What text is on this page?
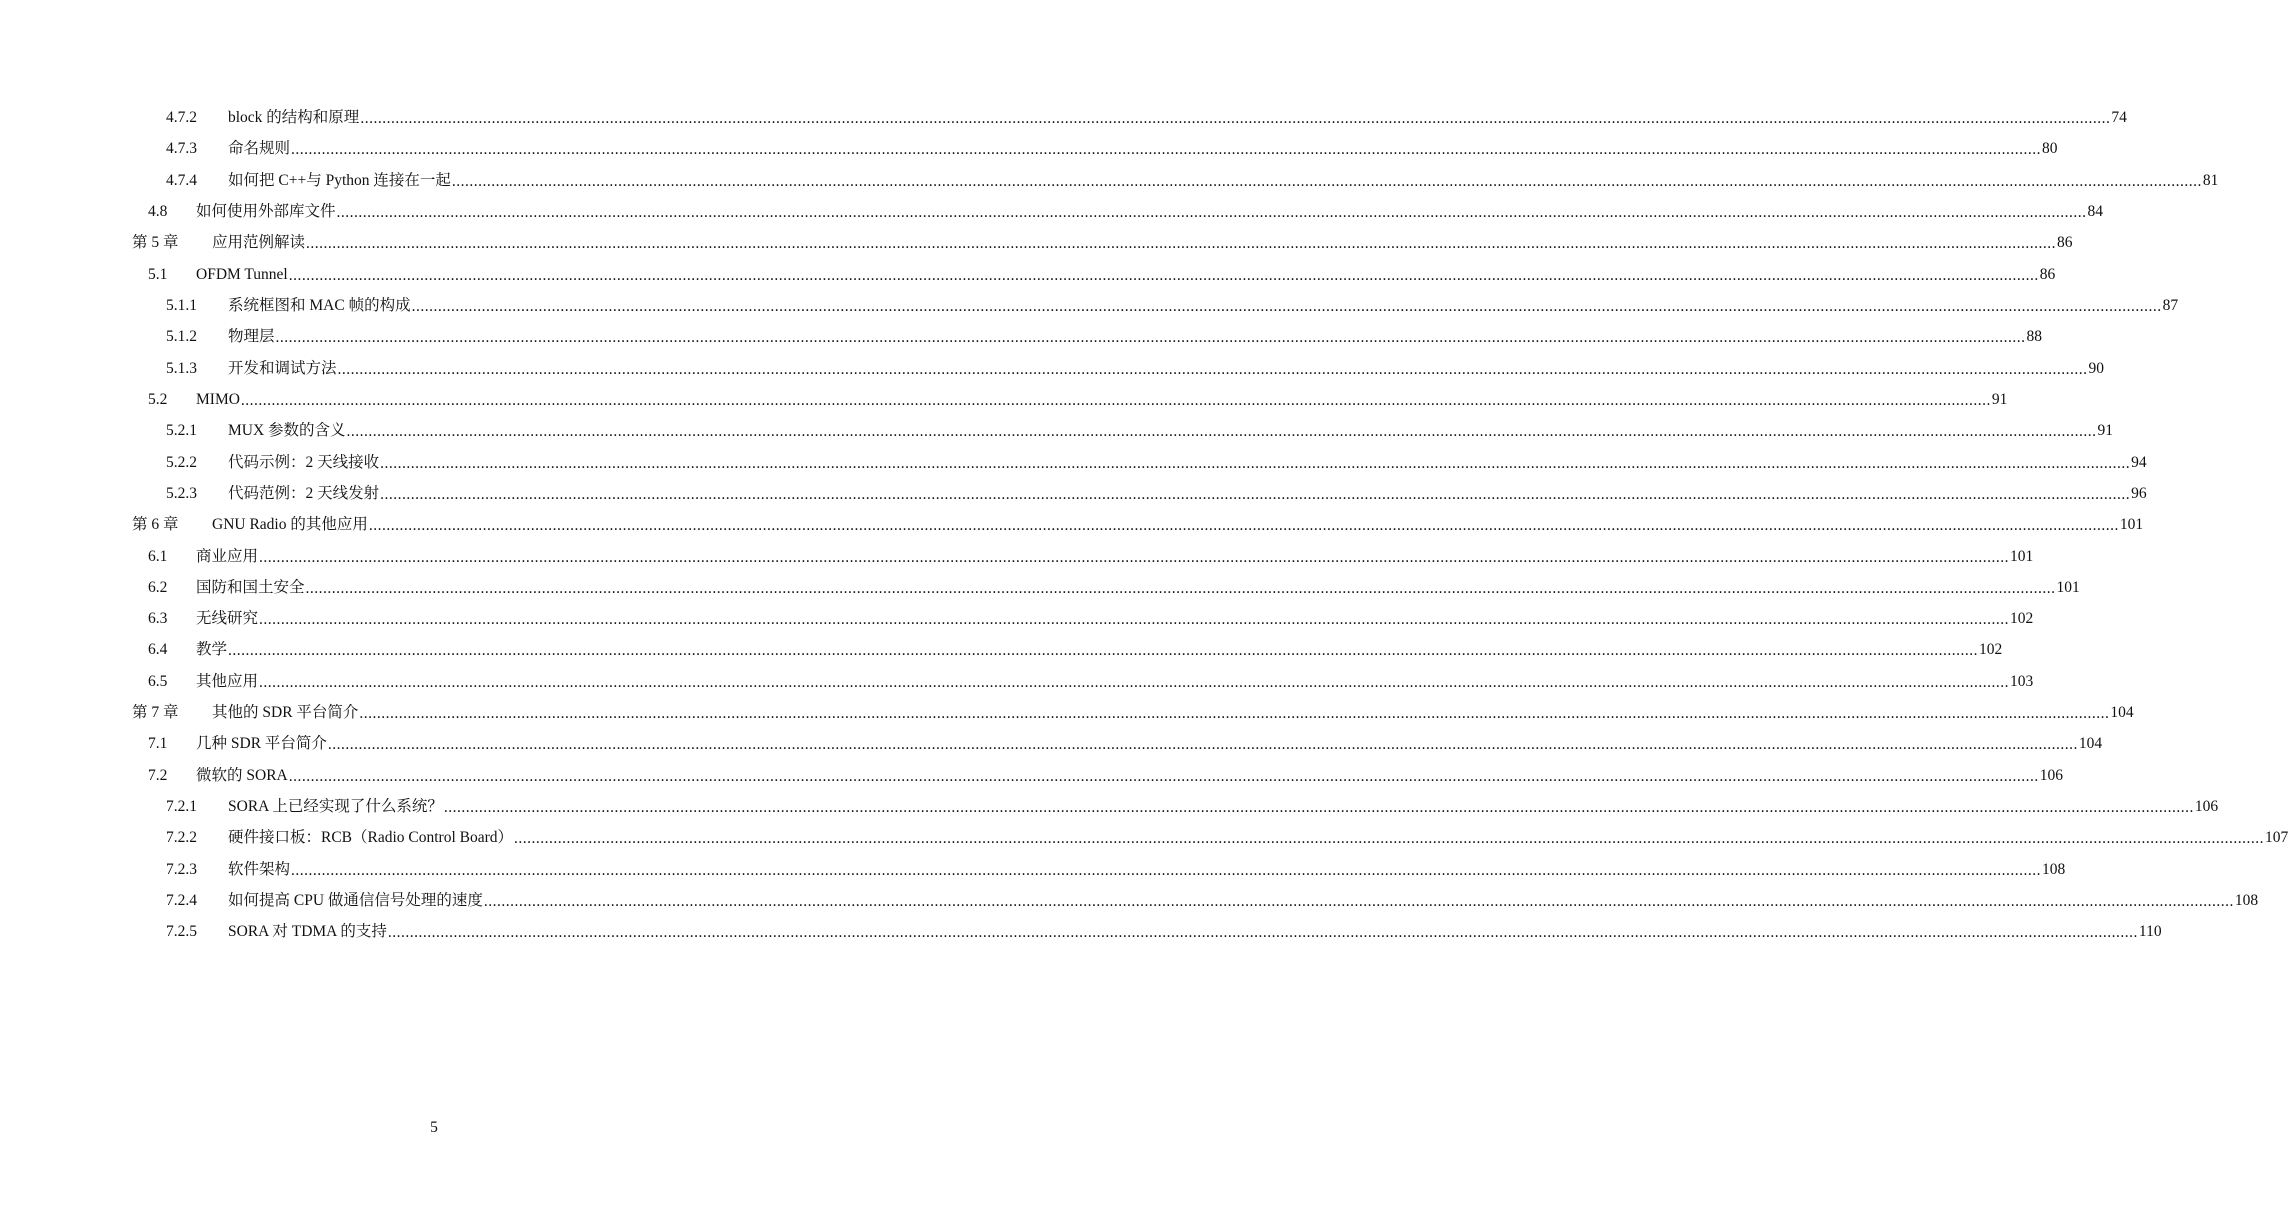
4.7.2	block 的结构和原理 ................................................................................................................................................................................................................................................................................................................................................................................................................ 74
4.7.3	命名规则 ................................................................................................................................................................................................................................................................................................................................................................................................................ 80
4.7.4	如何把 C++与 Python 连接在一起 ................................................................................................................................................................................................................................................................................................................................................................................................................ 81
4.8	如何使用外部库文件 ................................................................................................................................................................................................................................................................................................................................................................................................................ 84
第 5 章	应用范例解读 ................................................................................................................................................................................................................................................................................................................................................................................................................ 86
5.1	OFDM Tunnel ................................................................................................................................................................................................................................................................................................................................................................................................................ 86
5.1.1	系统框图和 MAC 帧的构成 ................................................................................................................................................................................................................................................................................................................................................................................................................ 87
5.1.2	物理层 ................................................................................................................................................................................................................................................................................................................................................................................................................ 88
5.1.3	开发和调试方法 ................................................................................................................................................................................................................................................................................................................................................................................................................ 90
5.2	MIMO ................................................................................................................................................................................................................................................................................................................................................................................................................ 91
5.2.1	MUX 参数的含义 ................................................................................................................................................................................................................................................................................................................................................................................................................ 91
5.2.2	代码示例：2 天线接收 ................................................................................................................................................................................................................................................................................................................................................................................................................ 94
5.2.3	代码范例：2 天线发射 ................................................................................................................................................................................................................................................................................................................................................................................................................ 96
第 6 章	GNU Radio 的其他应用 ................................................................................................................................................................................................................................................................................................................................................................................................................ 101
6.1	商业应用 ................................................................................................................................................................................................................................................................................................................................................................................................................ 101
6.2	国防和国土安全 ................................................................................................................................................................................................................................................................................................................................................................................................................ 101
6.3	无线研究 ................................................................................................................................................................................................................................................................................................................................................................................................................ 102
6.4	教学 ................................................................................................................................................................................................................................................................................................................................................................................................................ 102
6.5	其他应用 ................................................................................................................................................................................................................................................................................................................................................................................................................ 103
第 7 章	其他的 SDR 平台简介 ................................................................................................................................................................................................................................................................................................................................................................................................................ 104
7.1	几种 SDR 平台简介 ................................................................................................................................................................................................................................................................................................................................................................................................................ 104
7.2	微软的 SORA ................................................................................................................................................................................................................................................................................................................................................................................................................ 106
7.2.1	SORA 上已经实现了什么系统？ ................................................................................................................................................................................................................................................................................................................................................................................................................ 106
7.2.2	硬件接口板：RCB（Radio Control Board） ................................................................................................................................................................................................................................................................................................................................................................................................................ 107
7.2.3	软件架构 ................................................................................................................................................................................................................................................................................................................................................................................................................ 108
7.2.4	如何提高 CPU 做通信信号处理的速度 ................................................................................................................................................................................................................................................................................................................................................................................................................ 108
7.2.5	SORA 对 TDMA 的支持 ................................................................................................................................................................................................................................................................................................................................................................................................................ 110
5
